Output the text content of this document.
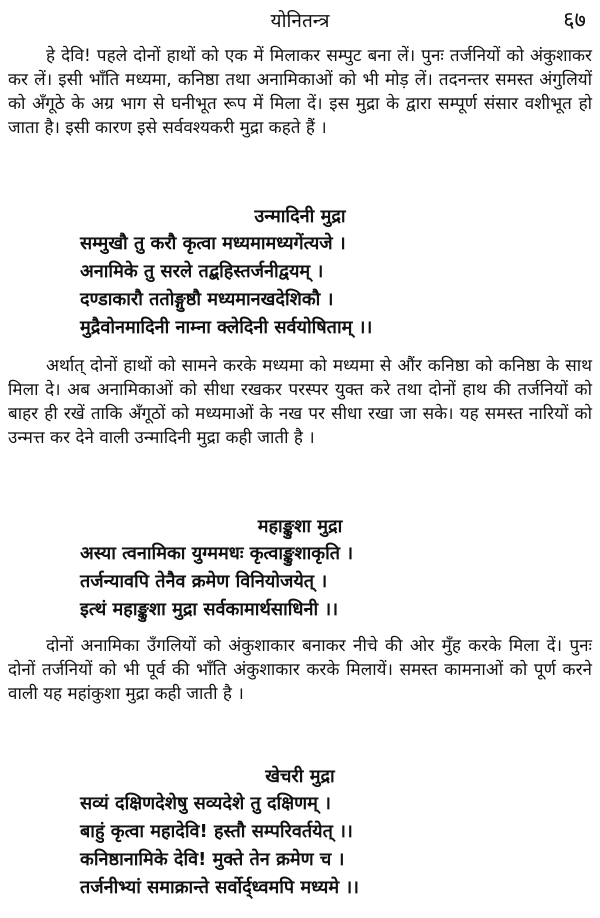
योनितन्त्र	६७

हे देवि! पहले दोनों हाथों को एक में मिलाकर सम्पुट बना लें। पुनः तर्जनियों को अंकुशाकर कर लें। इसी भाँति मध्यमा, कनिष्ठा तथा अनामिकाओं को भी मोड़ लें। तदनन्तर समस्त अंगुलियों को अँगूठे के अग्र भाग से घनीभूत रूप में मिला दें। इस मुद्रा के द्वारा सम्पूर्ण संसार वशीभूत हो जाता है। इसी कारण इसे सर्ववश्यकरी मुद्रा कहते हैं ।

उन्मादिनी मुद्रा
सम्मुखौ तु करौ कृत्वा मध्यमामध्यगेंत्यजे ।
अनामिके तु सरले तद्बहिस्तर्जनीद्वयम् ।
दण्डाकारौ ततोङ्गुष्ठौ मध्यमानखदेशिकौ ।
मुद्रैवोनमादिनी नाम्ना क्लेदिनी सर्वयोषिताम् ।।

अर्थात् दोनों हाथों को सामने करके मध्यमा को मध्यमा से औंर कनिष्ठा को कनिष्ठा के साथ मिला दे। अब अनामिकाओं को सीधा रखकर परस्पर युक्त करे तथा दोनों हाथ की तर्जनियों को बाहर ही रखें ताकि अँगूठों को मध्यमाओं के नख पर सीधा रखा जा सके। यह समस्त नारियों को उन्मत्त कर देने वाली उन्मादिनी मुद्रा कही जाती है ।

महाङ्कुशा मुद्रा
अस्या त्वनामिका युग्ममधः कृत्वाङ्कुशाकृति ।
तर्जन्यावपि तेनैव क्रमेण विनियोजयेत् ।
इत्थं महाङ्कुशा मुद्रा सर्वकामार्थसाधिनी ।।

दोनों अनामिका उँगलियों को अंकुशाकार बनाकर नीचे की ओर मुँह करके मिला दें। पुनः दोनों तर्जनियों को भी पूर्व की भाँति अंकुशाकार करके मिलायें। समस्त कामनाओं को पूर्ण करने वाली यह महांकुशा मुद्रा कही जाती है ।

खेचरी मुद्रा
सव्यं दक्षिणदेशेषु सव्यदेशे तु दक्षिणम् ।
बाहुं कृत्वा महादेवि! हस्तौ सम्परिवर्तयेत् ।।
कनिष्ठानामिके देवि! मुक्ते तेन क्रमेण च ।
तर्जनीभ्यां समाक्रान्ते सर्वोर्द्ध्वमपि मध्यमे ।।
